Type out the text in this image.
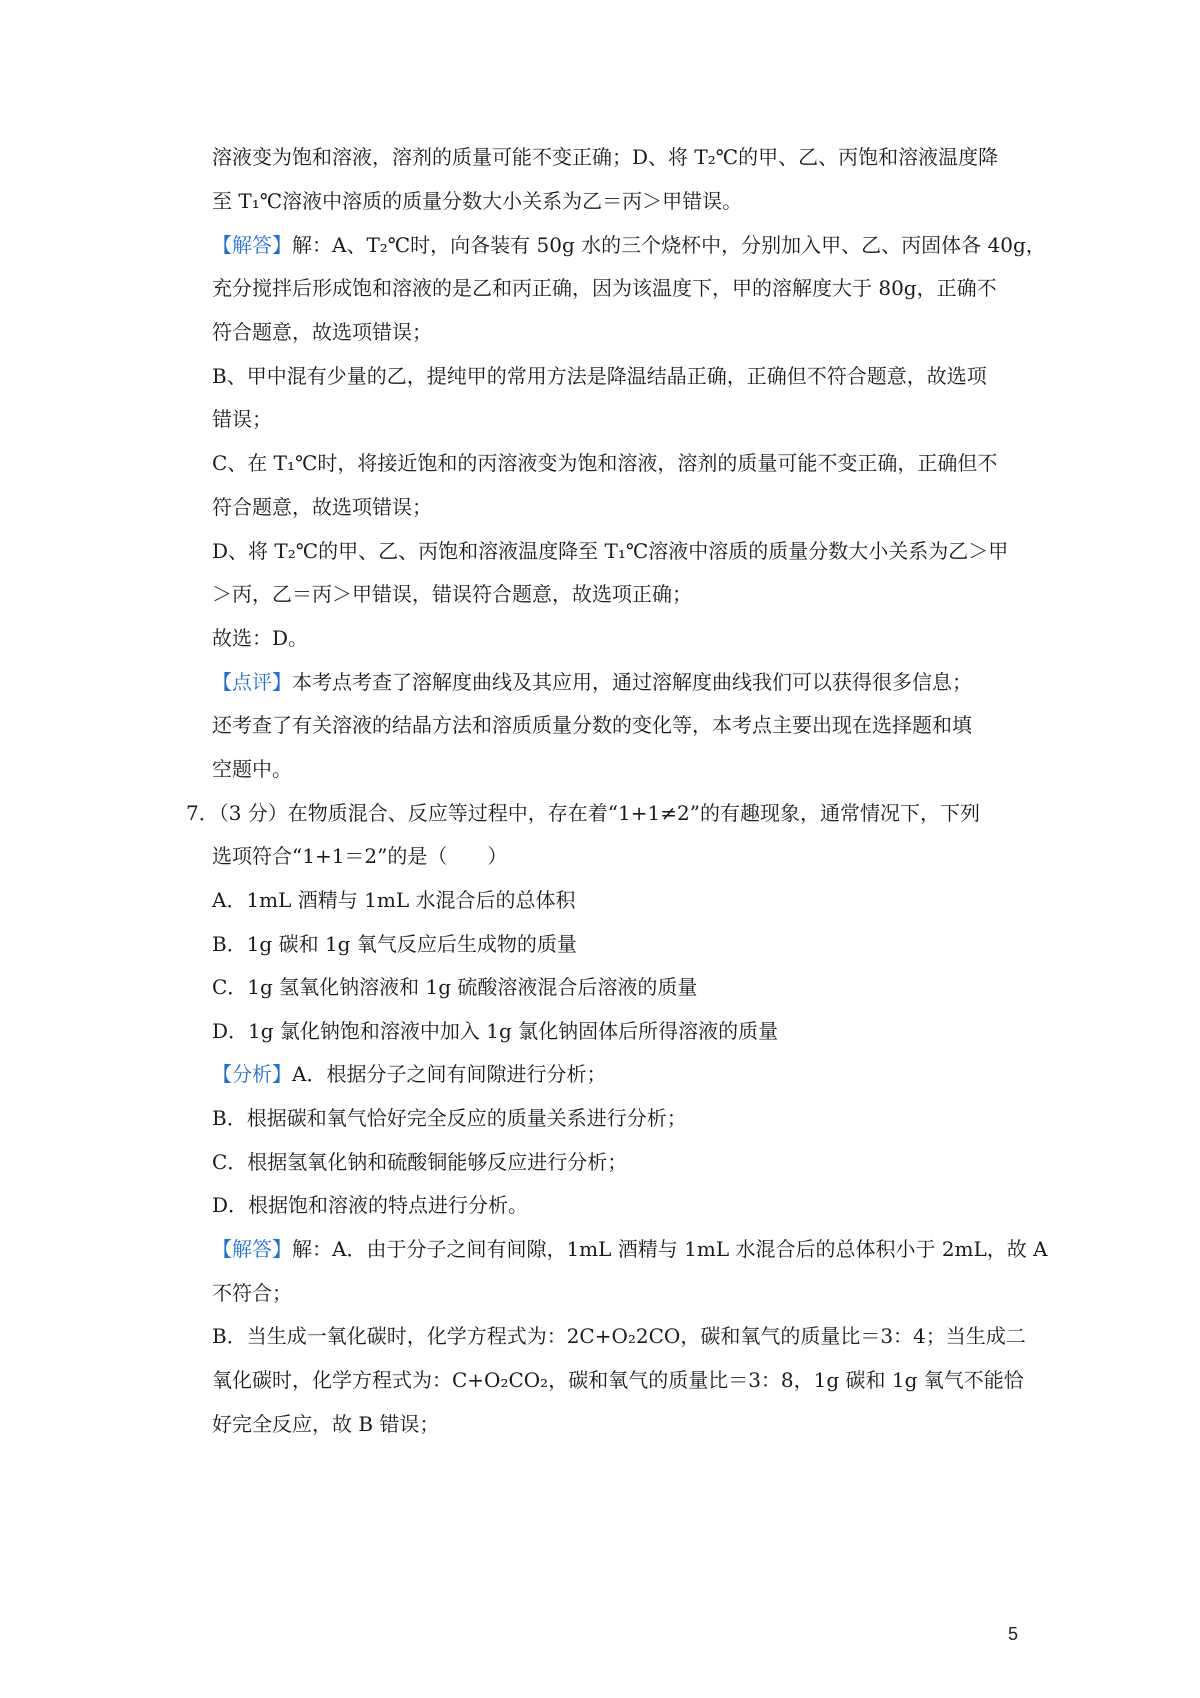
溶液变为饱和溶液，溶剂的质量可能不变正确；D、将 T₂℃的甲、乙、丙饱和溶液温度降
至 T₁℃溶液中溶质的质量分数大小关系为乙＝丙＞甲错误。
【解答】解：A、T₂℃时，向各装有 50g 水的三个烧杯中，分别加入甲、乙、丙固体各 40g，
充分搅拌后形成饱和溶液的是乙和丙正确，因为该温度下，甲的溶解度大于 80g，正确不
符合题意，故选项错误；
B、甲中混有少量的乙，提纯甲的常用方法是降温结晶正确，正确但不符合题意，故选项
错误；
C、在 T₁℃时，将接近饱和的丙溶液变为饱和溶液，溶剂的质量可能不变正确，正确但不
符合题意，故选项错误；
D、将 T₂℃的甲、乙、丙饱和溶液温度降至 T₁℃溶液中溶质的质量分数大小关系为乙＞甲
＞丙，乙＝丙＞甲错误，错误符合题意，故选项正确；
故选：D。
【点评】本考点考查了溶解度曲线及其应用，通过溶解度曲线我们可以获得很多信息；
还考查了有关溶液的结晶方法和溶质质量分数的变化等，本考点主要出现在选择题和填
空题中。
7．（3 分）在物质混合、反应等过程中，存在着“1+1≠2”的有趣现象，通常情况下，下列
选项符合“1+1＝2”的是（　　）
A．1mL 酒精与 1mL 水混合后的总体积
B．1g 碳和 1g 氧气反应后生成物的质量
C．1g 氢氧化钠溶液和 1g 硫酸溶液混合后溶液的质量
D．1g 氯化钠饱和溶液中加入 1g 氯化钠固体后所得溶液的质量
【分析】A．根据分子之间有间隙进行分析；
B．根据碳和氧气恰好完全反应的质量关系进行分析；
C．根据氢氧化钠和硫酸铜能够反应进行分析；
D．根据饱和溶液的特点进行分析。
【解答】解：A．由于分子之间有间隙，1mL 酒精与 1mL 水混合后的总体积小于 2mL，故 A
不符合；
B．当生成一氧化碳时，化学方程式为：2C+O₂2CO，碳和氧气的质量比＝3：4；当生成二
氧化碳时，化学方程式为：C+O₂CO₂，碳和氧气的质量比＝3：8，1g 碳和 1g 氧气不能恰
好完全反应，故 B 错误；
5
